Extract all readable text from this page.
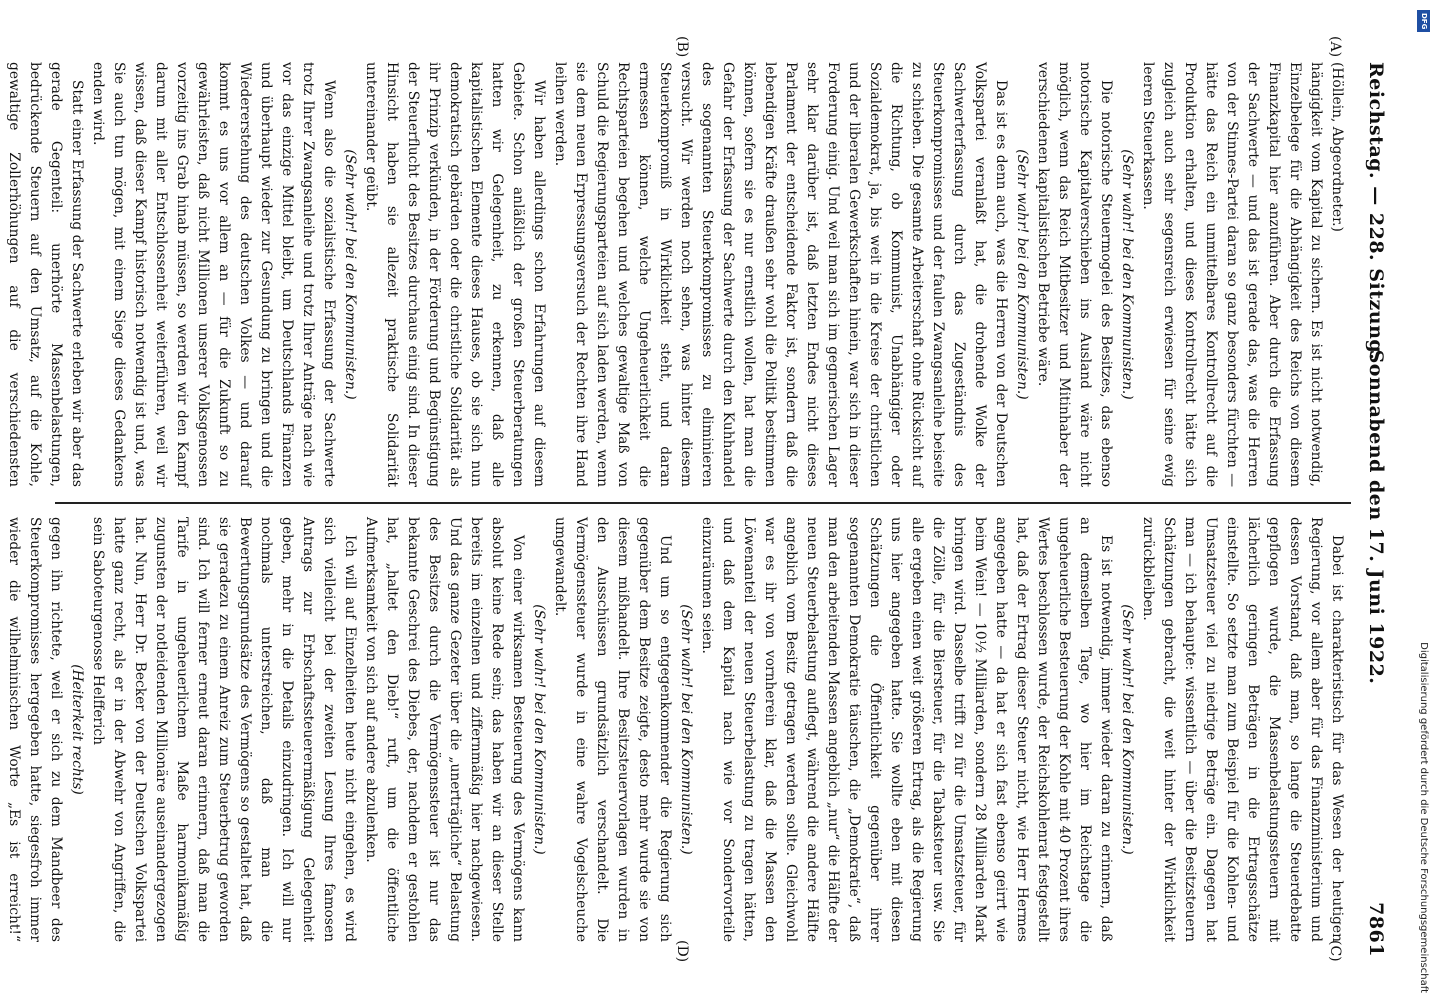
Reichstag. — 228. Sitzung.
Sonnabend den 17. Juni 1922.
7861
(A)
(B)
(C)
(D)

(Höllein, Abgeordneter.)

hängigkeit vom Kapital zu sichern. Es ist nicht notwendig, Einzelbelege für die Abhängigkeit des Reichs von diesem Finanzkapital hier anzuführen. Aber durch die Erfassung der Sachwerte — und das ist gerade das, was die Herren von der Stinnes-Partei daran so ganz besonders fürchten — hätte das Reich ein unmittelbares Kontrollrecht auf die Produktion erhalten, und dieses Kontrollrecht hätte sich zugleich auch sehr segensreich erwiesen für seine ewig leeren Steuerkassen.

(Sehr wahr! bei den Kommunisten.)

Die notorische Steuermogelei des Besitzes, das ebenso notorische Kapitalverschieben ins Ausland wäre nicht möglich, wenn das Reich Mitbesitzer und Mitinhaber der verschiedenen kapitalistischen Betriebe wäre.

(Sehr wahr! bei den Kommunisten.)

Das ist es denn auch, was die Herren von der Deutschen Volkspartei veranlaßt hat, die drohende Wolke der Sachwerterfassung durch das Zugeständnis des Steuerkompromisses und der faulen Zwangsanleihe beiseite zu schieben. Die gesamte Arbeiterschaft ohne Rücksicht auf die Richtung, ob Kommunist, Unabhängiger oder Sozialdemokrat, ja, bis weit in die Kreise der christlichen und der liberalen Gewerkschaften hinein, war sich in dieser Forderung einig. Und weil man sich im gegnerischen Lager sehr klar darüber ist, daß letzten Endes nicht dieses Parlament der entscheidende Faktor ist, sondern daß die lebendigen Kräfte draußen sehr wohl die Politik bestimmen können, sofern sie es nur ernstlich wollen, hat man die Gefahr der Erfassung der Sachwerte durch den Kuhhandel des sogenannten Steuerkompromisses zu eliminieren versucht. Wir werden noch sehen, was hinter diesem Steuerkompromiß in Wirklichkeit steht, und daran ermessen können, welche Ungeheuerlichkeit die Rechtsparteien begehen und welches gewaltige Maß von Schuld die Regierungsparteien auf sich laden werden, wenn sie dem neuen Erpressungsversuch der Rechten ihre Hand leihen werden.

Wir haben allerdings schon Erfahrungen auf diesem Gebiete. Schon anläßlich der großen Steuerberatungen hatten wir Gelegenheit, zu erkennen, daß alle kapitalistischen Elemente dieses Hauses, ob sie sich nun demokratisch gebärden oder die christliche Solidarität als ihr Prinzip verkünden, in der Förderung und Begünstigung der Steuerflucht des Besitzes durchaus einig sind. In dieser Hinsicht haben sie allezeit praktische Solidarität untereinander geübt.

(Sehr wahr! bei den Kommunisten.)

Wenn also die sozialistische Erfassung der Sachwerte trotz Ihrer Zwangsanleihe und trotz Ihrer Anträge nach wie vor das einzige Mittel bleibt, um Deutschlands Finanzen und überhaupt wieder zur Gesundung zu bringen und die Wiedererstehung des deutschen Volkes — und darauf kommt es uns vor allem an — für die Zukunft so zu gewährleisten, daß nicht Millionen unserer Volksgenossen vorzeitig ins Grab hinab müssen, so werden wir den Kampf darum mit aller Entschlossenheit weiterführen, weil wir wissen, daß dieser Kampf historisch notwendig ist und, was Sie auch tun mögen, mit einem Siege dieses Gedankens enden wird.

Statt einer Erfassung der Sachwerte erleben wir aber das gerade Gegenteil: unerhörte Massenbelastungen, bedrückende Steuern auf den Umsatz, auf die Kohle, gewaltige Zollerhöhungen auf die verschiedensten

Dabei ist charakteristisch für das Wesen der heutigen Regierung, vor allem aber für das Finanzministerium und dessen Vorstand, daß man, so lange die Steuerdebatte gepflogen wurde, die Massenbelastungssteuern mit lächerlich geringen Beträgen in die Ertragsschätze einstellte. So setzte man zum Beispiel für die Kohlen- und Umsatzsteuer viel zu niedrige Beträge ein. Dagegen hat man — ich behaupte: wissentlich — über die Besitzsteuern Schätzungen gebracht, die weit hinter der Wirklichkeit zurückbleiben.

(Sehr wahr! bei den Kommunisten.)

Es ist notwendig, immer wieder daran zu erinnern, daß an demselben Tage, wo hier im Reichstage die ungeheuerliche Besteuerung der Kohle mit 40 Prozent ihres Wertes beschlossen wurde, der Reichskohlenrat festgestellt hat, daß der Ertrag dieser Steuer nicht, wie Herr Hermes angegeben hatte — da hat er sich fast ebenso geirrt wie beim Wein! — 10½ Milliarden, sondern 28 Milliarden Mark bringen wird. Dasselbe trifft zu für die Umsatzsteuer, für die Zölle, für die Biersteuer, für die Tabaksteuer usw. Sie alle ergeben einen weit größeren Ertrag, als die Regierung uns hier angegeben hatte. Sie wollte eben mit diesen Schätzungen die Öffentlichkeit gegenüber ihrer sogenannten Demokratie täuschen, die „Demokratie“, daß man den arbeitenden Massen angeblich „nur“ die Hälfte der neuen Steuerbelastung auflegt, während die andere Hälfte angeblich vom Besitz getragen werden sollte. Gleichwohl war es ihr von vornherein klar, daß die Massen den Löwenanteil der neuen Steuerbelastung zu tragen hätten, und daß dem Kapital nach wie vor Sondervorteile einzuräumen seien.

(Sehr wahr! bei den Kommunisten.)

Und um so entgegenkommender die Regierung sich gegenüber dem Besitze zeigte, desto mehr wurde sie von diesem mißhandelt. Ihre Besitzsteuervorlagen wurden in den Ausschüssen grundsätzlich verschandelt. Die Vermögenssteuer wurde in eine wahre Vogelscheuche umgewandelt.

(Sehr wahr! bei den Kommunisten.)

Von einer wirksamen Besteuerung des Vermögens kann absolut keine Rede sein; das haben wir an dieser Stelle bereits im einzelnen und ziffernmäßig hier nachgewiesen. Und das ganze Gezeter über die „unerträgliche“ Belastung des Besitzes durch die Vermögenssteuer ist nur das bekannte Geschrei des Diebes, der, nachdem er gestohlen hat, „haltet den Dieb!“ ruft, um die öffentliche Aufmerksamkeit von sich auf andere abzulenken.

Ich will auf Einzelheiten heute nicht eingehen, es wird sich vielleicht bei der zweiten Lesung Ihres famosen Antrags zur Erbschaftssteuerermäßigung Gelegenheit geben, mehr in die Details einzudringen. Ich will nur nochmals unterstreichen, daß man die Bewertungsgrundsätze des Vermögens so gestaltet hat, daß sie geradezu zu einem Anreiz zum Steuerbetrug geworden sind. Ich will ferner erneut daran erinnern, daß man die Tarife in ungeheuerlichem Maße harmonikamäßig zugunsten der notleidenden Millionäre auseinandergezogen hat. Nun, Herr Dr. Becker von der Deutschen Volkspartei hatte ganz recht, als er in der Abwehr von Angriffen, die sein Saboteurgenosse Helfferich

(Heiterkeit rechts)

gegen ihn richtete, weil er sich zu dem Mandbeer des Steuerkompromisses hergegeben hatte, siegesfroh immer wieder die wilhelminischen Worte „Es ist erreicht!“

DFG
Digitalisierung gefördert durch die Deutsche Forschungsgemeinschaft
